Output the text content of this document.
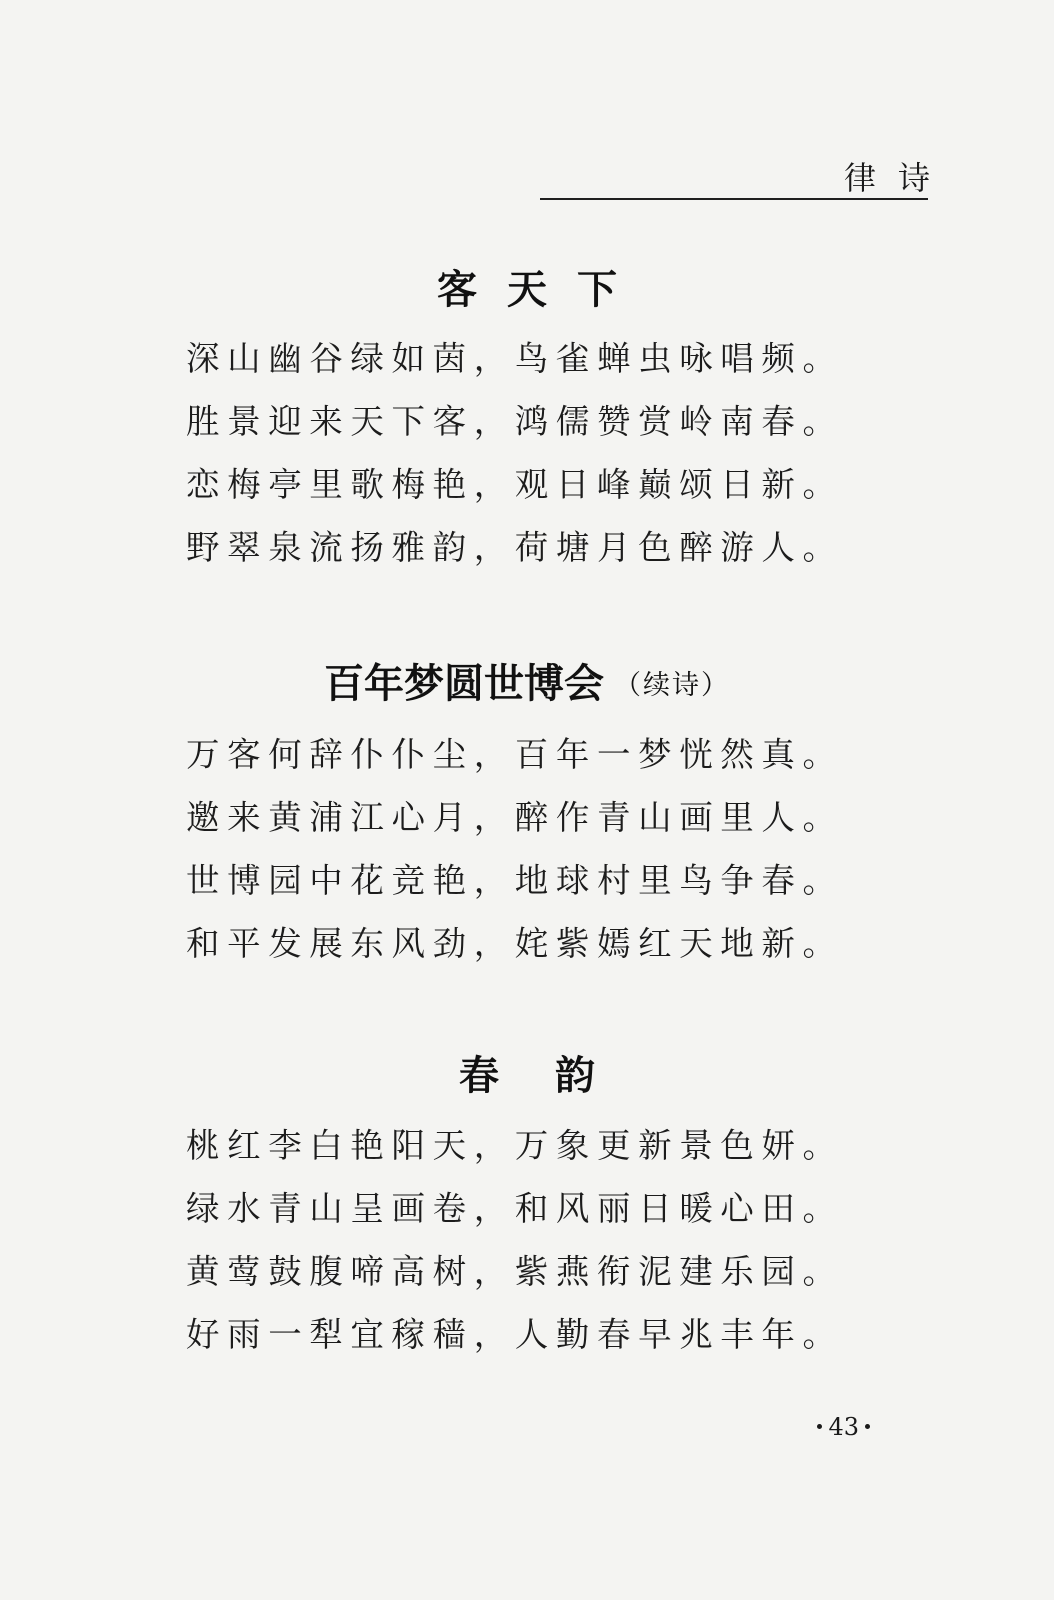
律诗
客天下
深山幽谷绿如茵，鸟雀蝉虫咏唱频。
胜景迎来天下客，鸿儒赞赏岭南春。
恋梅亭里歌梅艳，观日峰巅颂日新。
野翠泉流扬雅韵，荷塘月色醉游人。
百年梦圆世博会 （续诗）
万客何辞仆仆尘，百年一梦恍然真。
邀来黄浦江心月，醉作青山画里人。
世博园中花竞艳，地球村里鸟争春。
和平发展东风劲，姹紫嫣红天地新。
春韵
桃红李白艳阳天，万象更新景色妍。
绿水青山呈画卷，和风丽日暖心田。
黄莺鼓腹啼高树，紫燕衔泥建乐园。
好雨一犁宜稼穑，人勤春早兆丰年。
43
